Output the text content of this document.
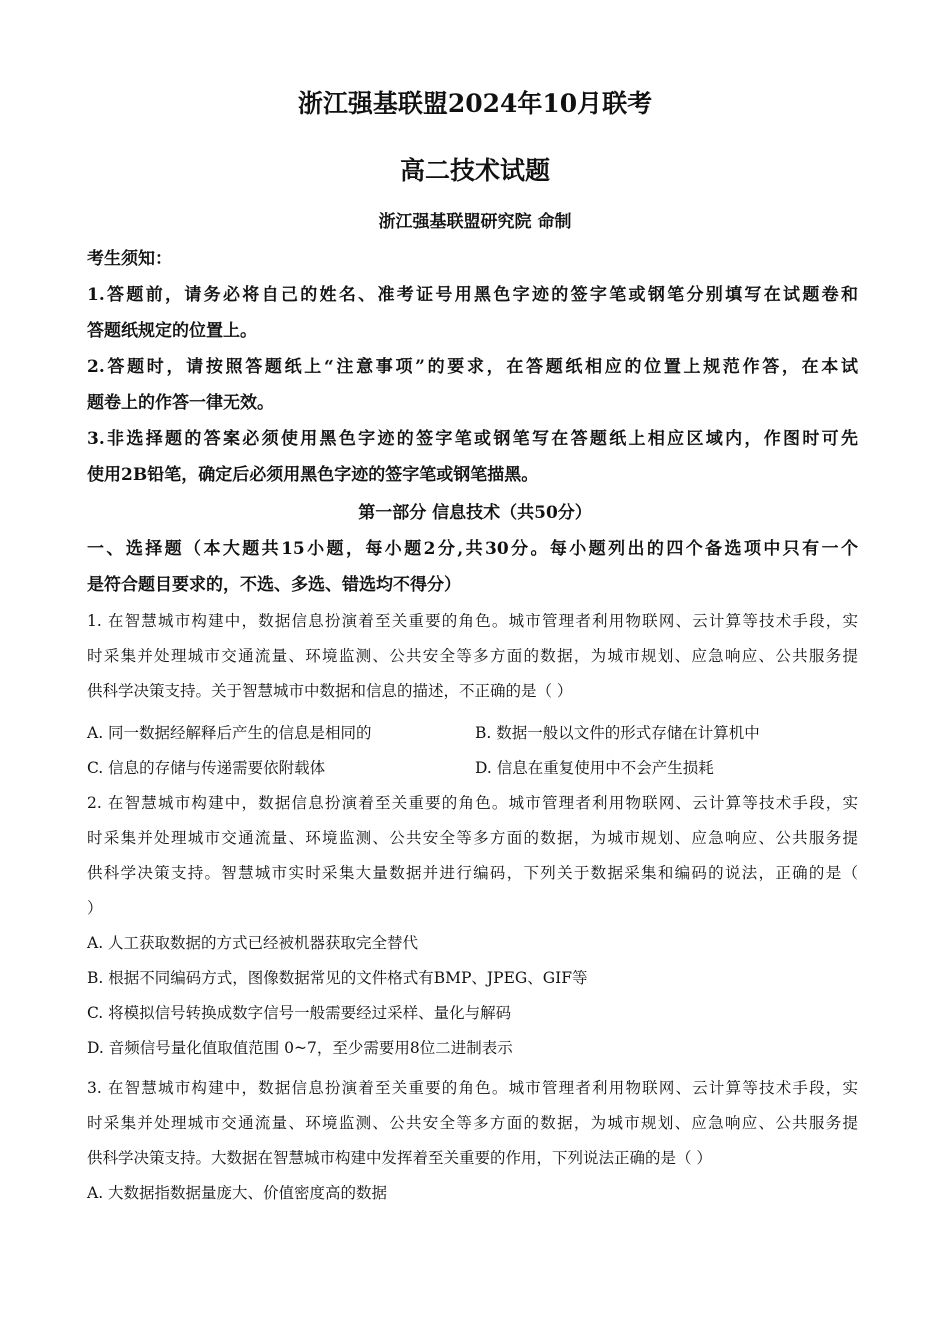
浙江强基联盟2024年10月联考
高二技术试题
浙江强基联盟研究院 命制
考生须知：
1.答题前，请务必将自己的姓名、准考证号用黑色字迹的签字笔或钢笔分别填写在试题卷和
答题纸规定的位置上。
2.答题时，请按照答题纸上“注意事项”的要求，在答题纸相应的位置上规范作答，在本试
题卷上的作答一律无效。
3.非选择题的答案必须使用黑色字迹的签字笔或钢笔写在答题纸上相应区域内，作图时可先
使用2B铅笔，确定后必须用黑色字迹的签字笔或钢笔描黑。
第一部分 信息技术（共50分）
一、选择题（本大题共15小题，每小题2分,共30分。每小题列出的四个备选项中只有一个
是符合题目要求的，不选、多选、错选均不得分）
1. 在智慧城市构建中，数据信息扮演着至关重要的角色。城市管理者利用物联网、云计算等技术手段，实
时采集并处理城市交通流量、环境监测、公共安全等多方面的数据，为城市规划、应急响应、公共服务提
供科学决策支持。关于智慧城市中数据和信息的描述，不正确的是（ ）
A. 同一数据经解释后产生的信息是相同的	B. 数据一般以文件的形式存储在计算机中
C. 信息的存储与传递需要依附载体	D. 信息在重复使用中不会产生损耗
2. 在智慧城市构建中，数据信息扮演着至关重要的角色。城市管理者利用物联网、云计算等技术手段，实
时采集并处理城市交通流量、环境监测、公共安全等多方面的数据，为城市规划、应急响应、公共服务提
供科学决策支持。智慧城市实时采集大量数据并进行编码，下列关于数据采集和编码的说法，正确的是（
）
A. 人工获取数据的方式已经被机器获取完全替代
B. 根据不同编码方式，图像数据常见的文件格式有BMP、JPEG、GIF等
C. 将模拟信号转换成数字信号一般需要经过采样、量化与解码
D. 音频信号量化值取值范围 0~7，至少需要用8位二进制表示
3. 在智慧城市构建中，数据信息扮演着至关重要的角色。城市管理者利用物联网、云计算等技术手段，实
时采集并处理城市交通流量、环境监测、公共安全等多方面的数据，为城市规划、应急响应、公共服务提
供科学决策支持。大数据在智慧城市构建中发挥着至关重要的作用，下列说法正确的是（ ）
A. 大数据指数据量庞大、价值密度高的数据
